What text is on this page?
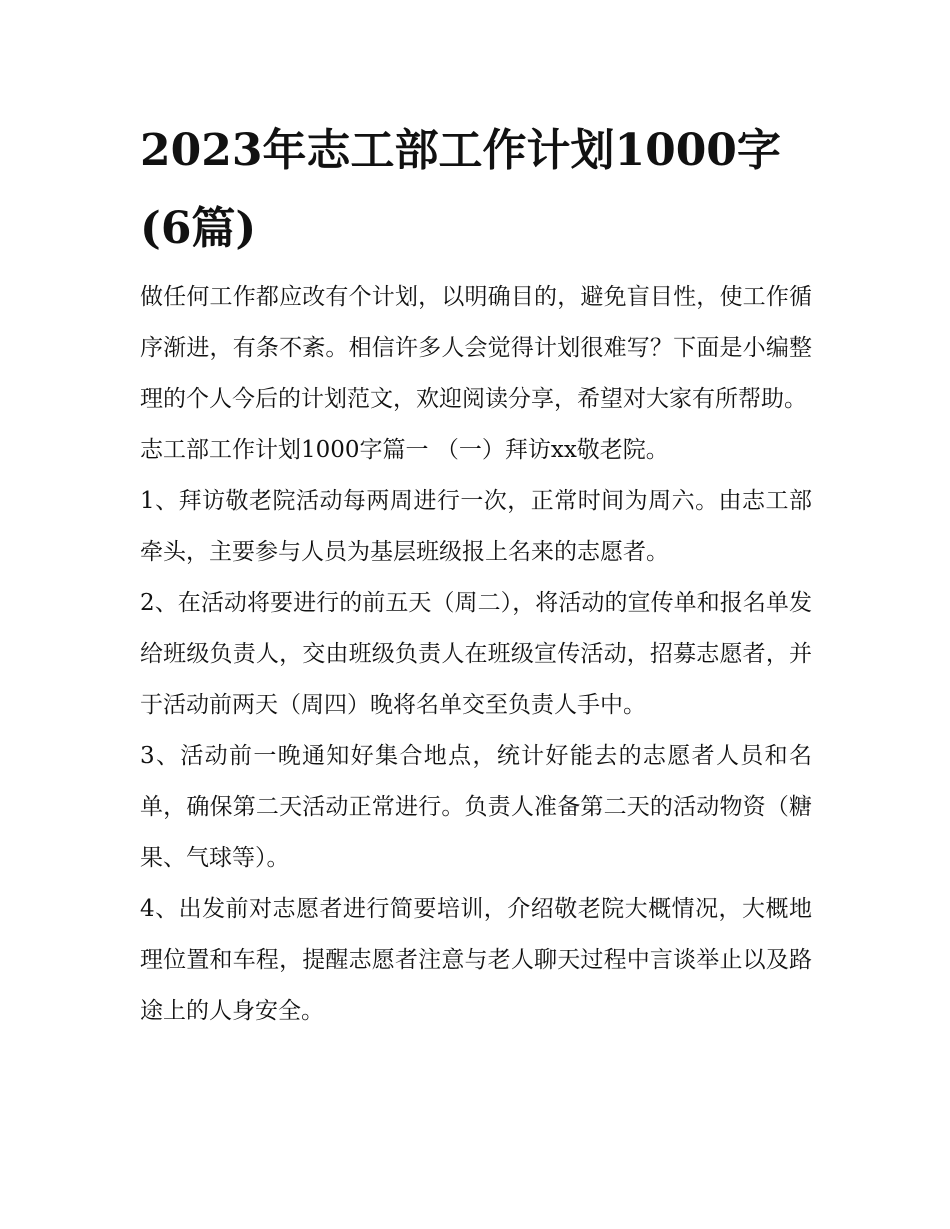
2023年志工部工作计划1000字(6篇)

做任何工作都应改有个计划，以明确目的，避免盲目性，使工作循序渐进，有条不紊。相信许多人会觉得计划很难写？下面是小编整理的个人今后的计划范文，欢迎阅读分享，希望对大家有所帮助。

志工部工作计划1000字篇一 （一）拜访xx敬老院。

1、拜访敬老院活动每两周进行一次，正常时间为周六。由志工部牵头，主要参与人员为基层班级报上名来的志愿者。

2、在活动将要进行的前五天（周二），将活动的宣传单和报名单发给班级负责人，交由班级负责人在班级宣传活动，招募志愿者，并于活动前两天（周四）晚将名单交至负责人手中。

3、活动前一晚通知好集合地点，统计好能去的志愿者人员和名单，确保第二天活动正常进行。负责人准备第二天的活动物资（糖果、气球等）。

4、出发前对志愿者进行简要培训，介绍敬老院大概情况，大概地理位置和车程，提醒志愿者注意与老人聊天过程中言谈举止以及路途上的人身安全。
